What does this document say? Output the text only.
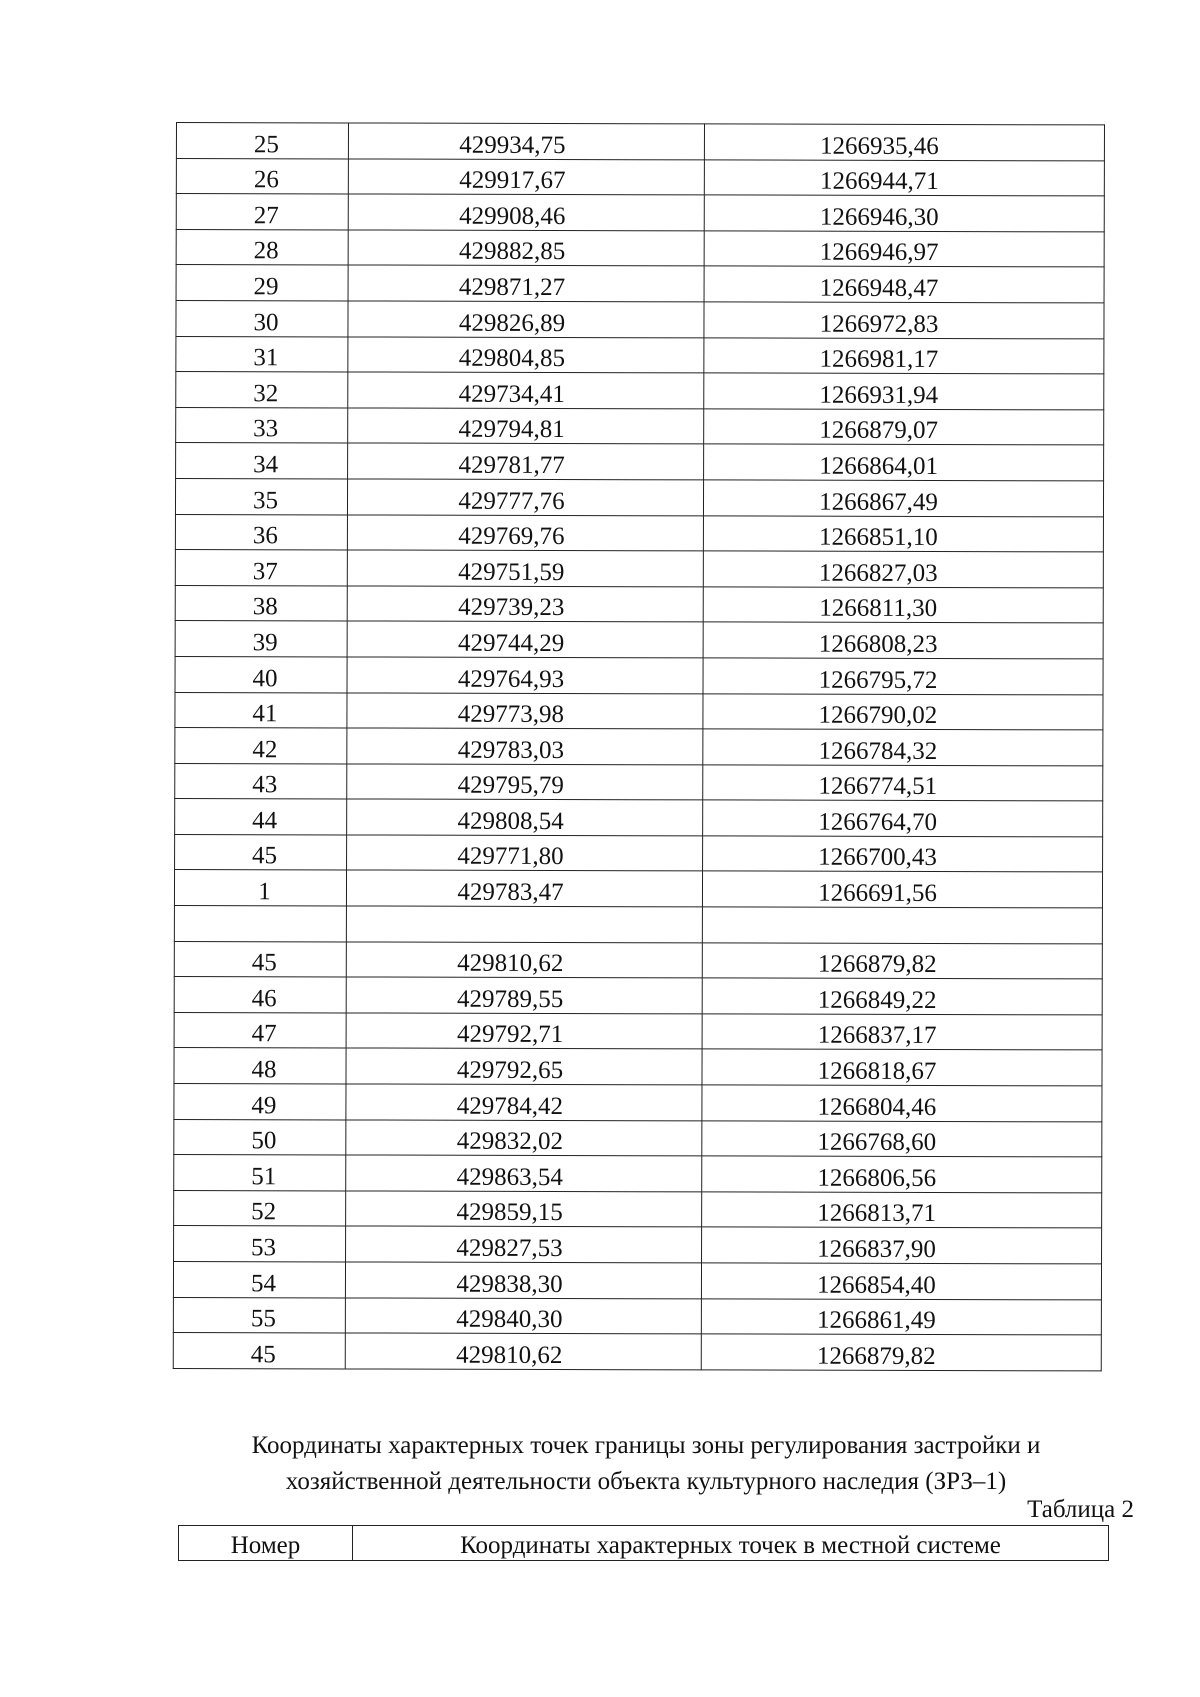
25	429934,75	1266935,46
26	429917,67	1266944,71
27	429908,46	1266946,30
28	429882,85	1266946,97
29	429871,27	1266948,47
30	429826,89	1266972,83
31	429804,85	1266981,17
32	429734,41	1266931,94
33	429794,81	1266879,07
34	429781,77	1266864,01
35	429777,76	1266867,49
36	429769,76	1266851,10
37	429751,59	1266827,03
38	429739,23	1266811,30
39	429744,29	1266808,23
40	429764,93	1266795,72
41	429773,98	1266790,02
42	429783,03	1266784,32
43	429795,79	1266774,51
44	429808,54	1266764,70
45	429771,80	1266700,43
1	429783,47	1266691,56

45	429810,62	1266879,82
46	429789,55	1266849,22
47	429792,71	1266837,17
48	429792,65	1266818,67
49	429784,42	1266804,46
50	429832,02	1266768,60
51	429863,54	1266806,56
52	429859,15	1266813,71
53	429827,53	1266837,90
54	429838,30	1266854,40
55	429840,30	1266861,49
45	429810,62	1266879,82
Координаты характерных точек границы зоны регулирования застройки и
хозяйственной деятельности объекта культурного наследия (ЗРЗ–1)
Таблица 2
Номер	Координаты характерных точек в местной системе
